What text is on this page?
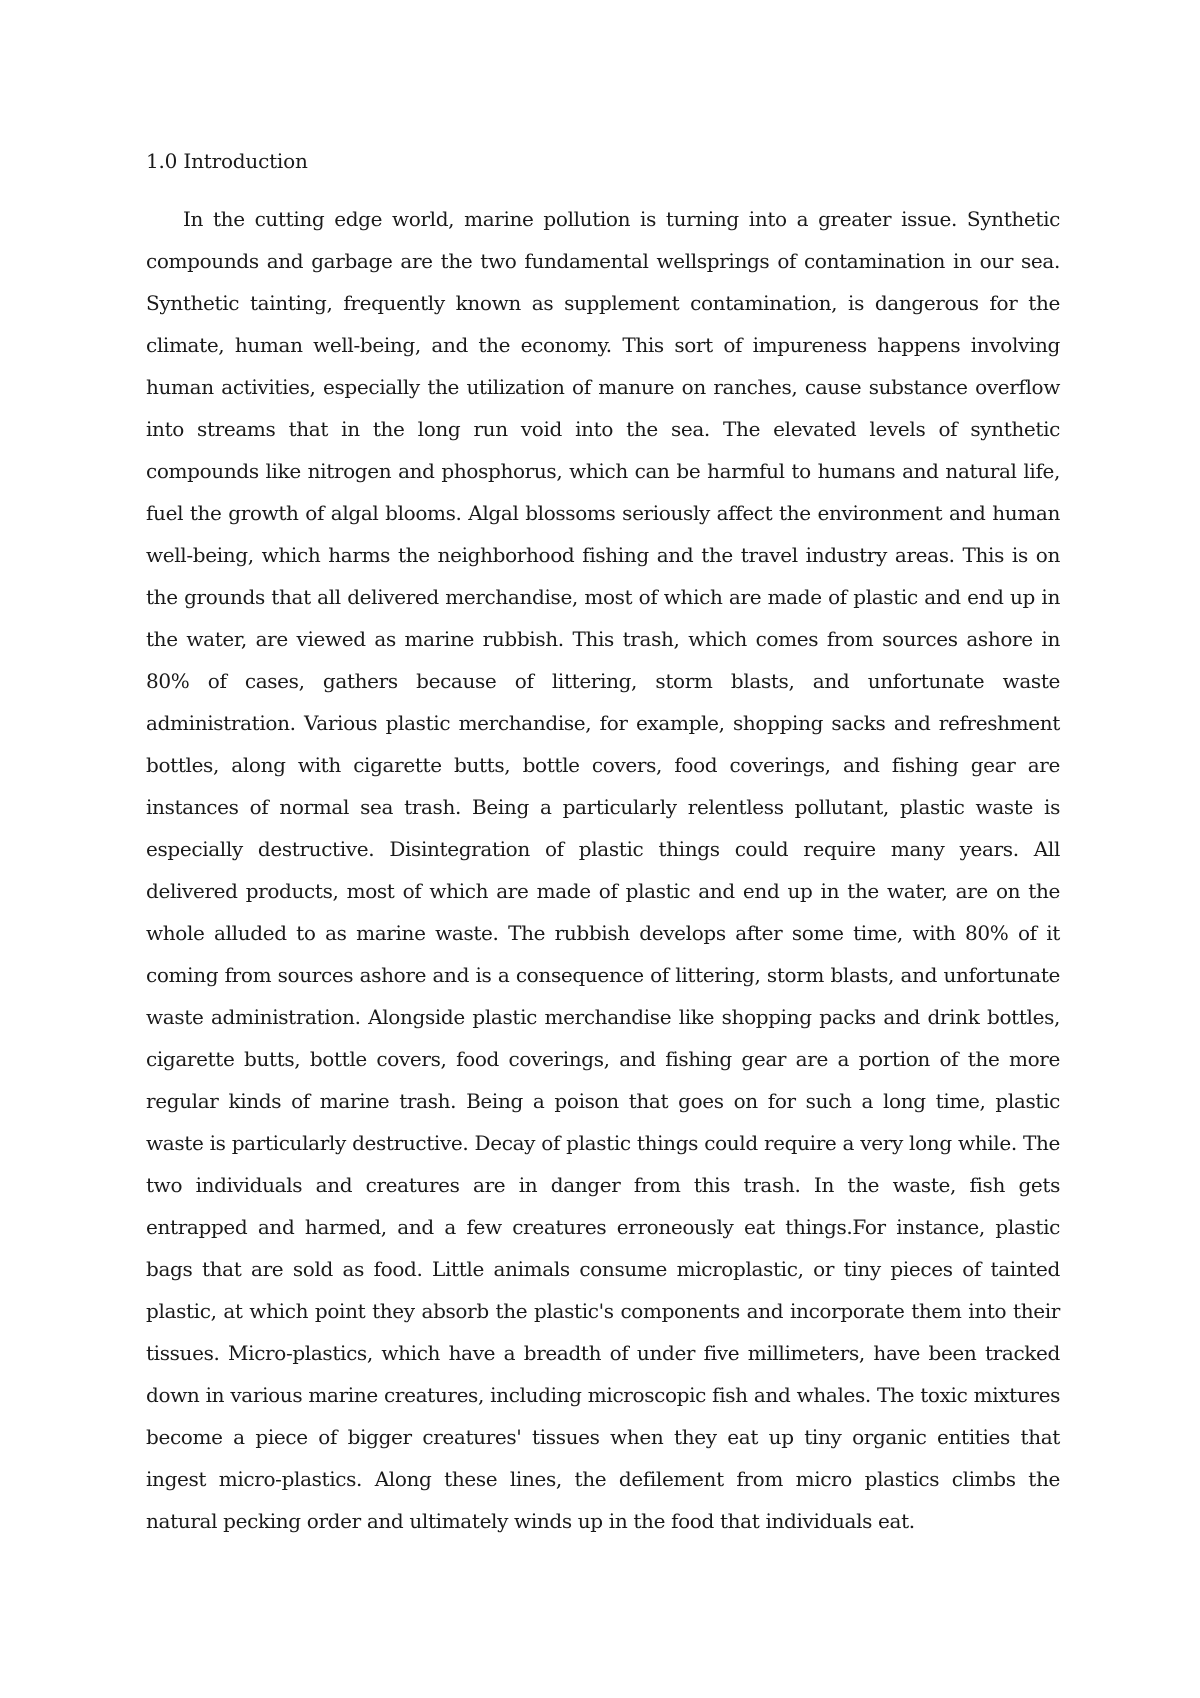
1.0 Introduction

In the cutting edge world, marine pollution is turning into a greater issue. Synthetic compounds and garbage are the two fundamental wellsprings of contamination in our sea. Synthetic tainting, frequently known as supplement contamination, is dangerous for the climate, human well-being, and the economy. This sort of impureness happens involving human activities, especially the utilization of manure on ranches, cause substance overflow into streams that in the long run void into the sea. The elevated levels of synthetic compounds like nitrogen and phosphorus, which can be harmful to humans and natural life, fuel the growth of algal blooms. Algal blossoms seriously affect the environment and human well-being, which harms the neighborhood fishing and the travel industry areas. This is on the grounds that all delivered merchandise, most of which are made of plastic and end up in the water, are viewed as marine rubbish. This trash, which comes from sources ashore in 80% of cases, gathers because of littering, storm blasts, and unfortunate waste administration. Various plastic merchandise, for example, shopping sacks and refreshment bottles, along with cigarette butts, bottle covers, food coverings, and fishing gear are instances of normal sea trash. Being a particularly relentless pollutant, plastic waste is especially destructive. Disintegration of plastic things could require many years. All delivered products, most of which are made of plastic and end up in the water, are on the whole alluded to as marine waste. The rubbish develops after some time, with 80% of it coming from sources ashore and is a consequence of littering, storm blasts, and unfortunate waste administration. Alongside plastic merchandise like shopping packs and drink bottles, cigarette butts, bottle covers, food coverings, and fishing gear are a portion of the more regular kinds of marine trash. Being a poison that goes on for such a long time, plastic waste is particularly destructive. Decay of plastic things could require a very long while. The two individuals and creatures are in danger from this trash. In the waste, fish gets entrapped and harmed, and a few creatures erroneously eat things.For instance, plastic bags that are sold as food. Little animals consume microplastic, or tiny pieces of tainted plastic, at which point they absorb the plastic's components and incorporate them into their tissues. Micro-plastics, which have a breadth of under five millimeters, have been tracked down in various marine creatures, including microscopic fish and whales. The toxic mixtures become a piece of bigger creatures' tissues when they eat up tiny organic entities that ingest micro-plastics. Along these lines, the defilement from micro plastics climbs the natural pecking order and ultimately winds up in the food that individuals eat.
